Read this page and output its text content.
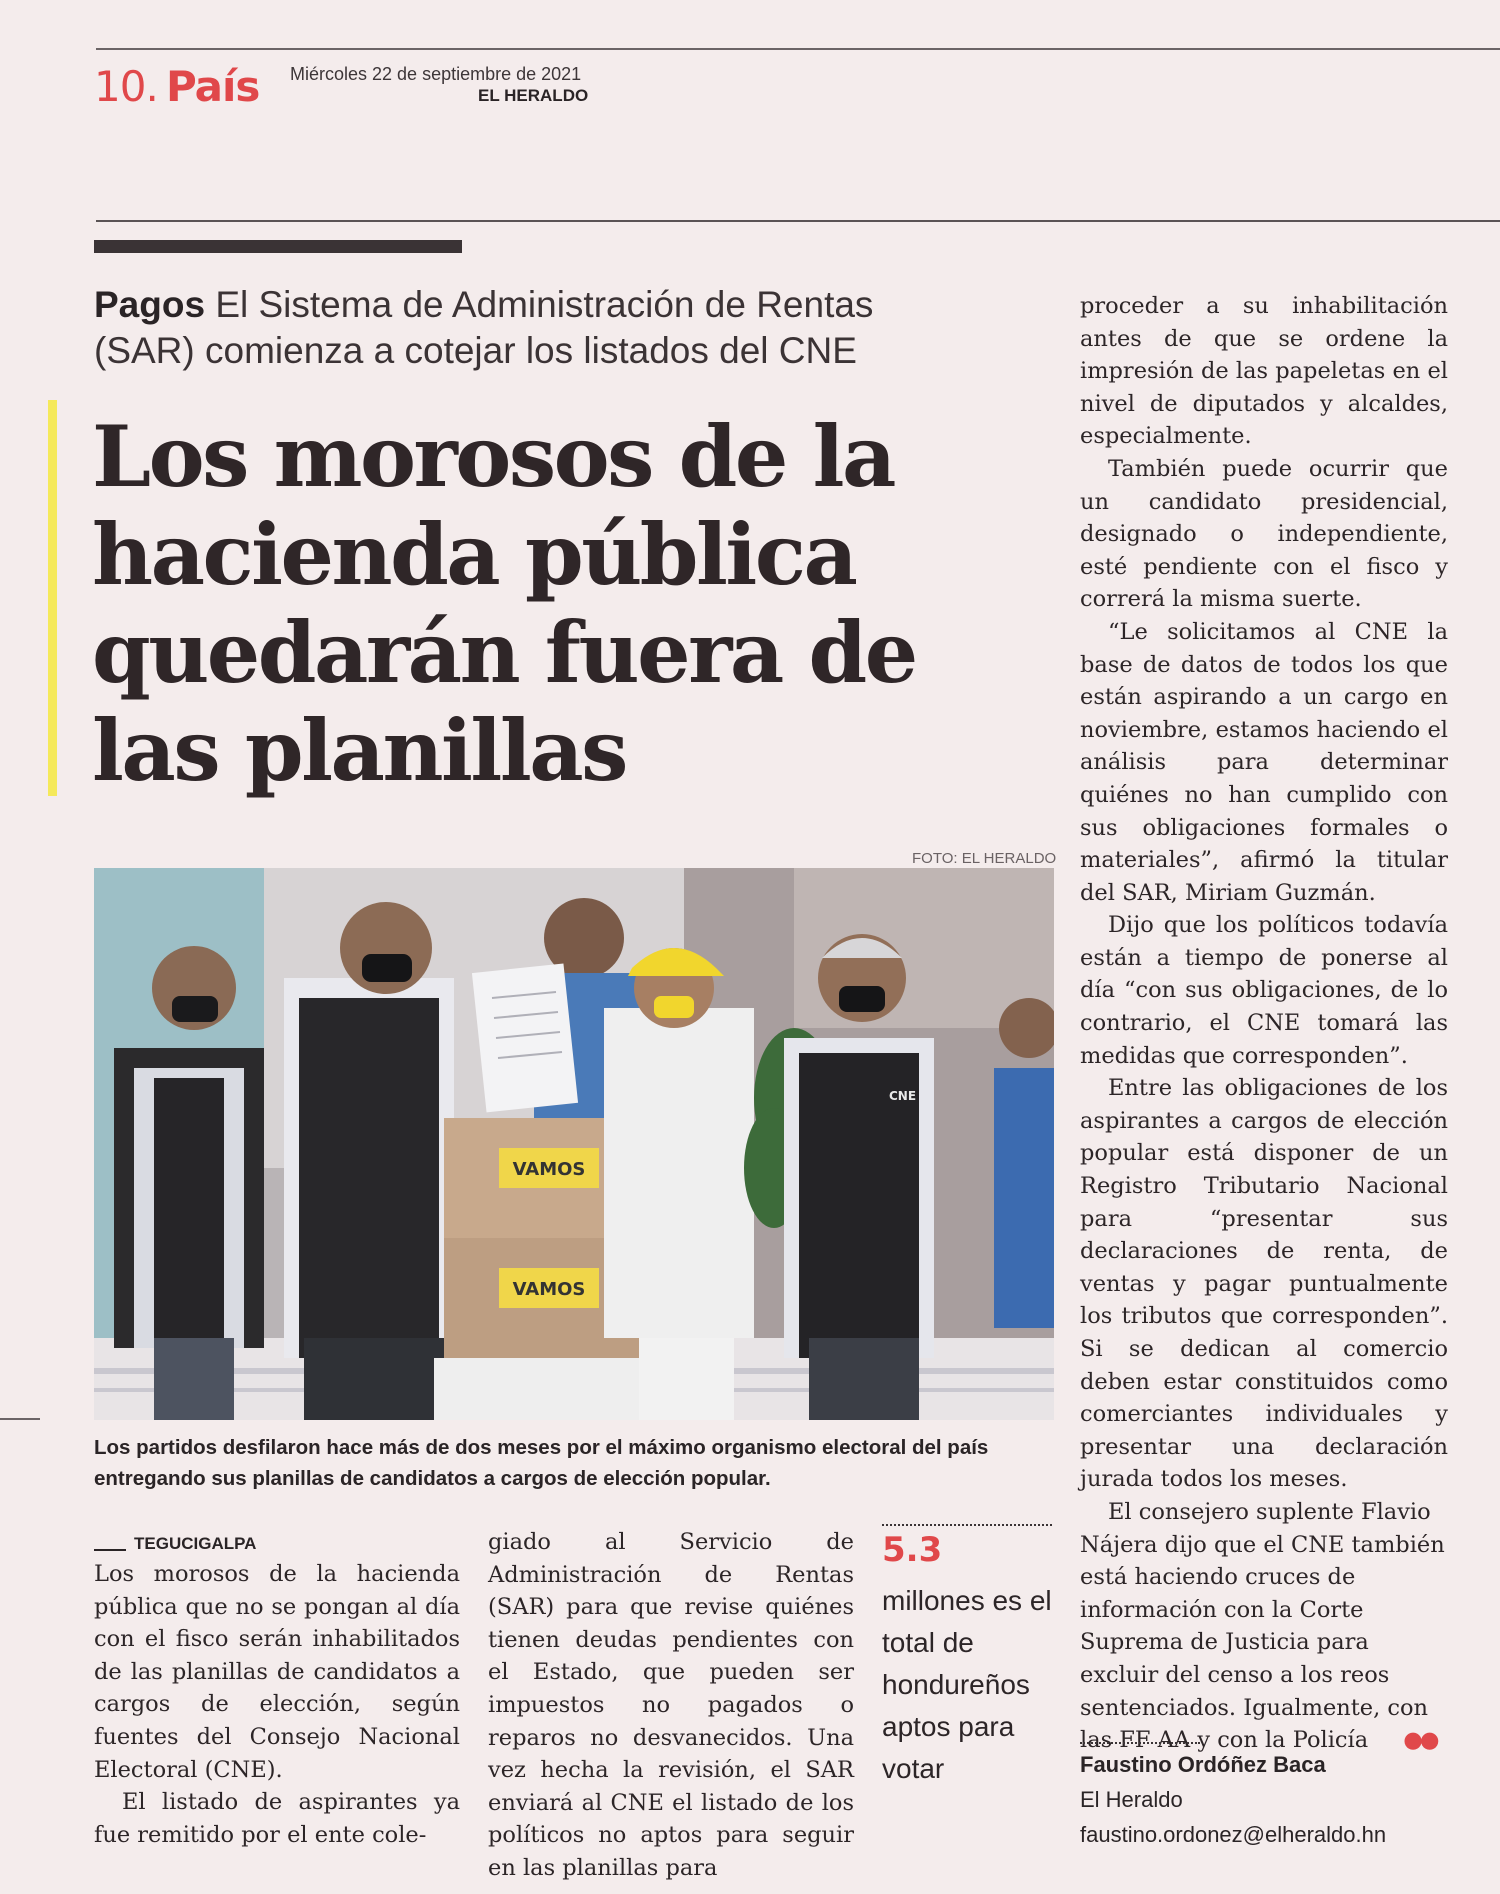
10. País Miércoles 22 de septiembre de 2021
EL HERALDO
Pagos El Sistema de Administración de Rentas (SAR) comienza a cotejar los listados del CNE
Los morosos de la hacienda pública quedarán fuera de las planillas
FOTO: EL HERALDO
VAMOS
VAMOS
CNE
Los partidos desfilaron hace más de dos meses por el máximo organismo electoral del país entregando sus planillas de candidatos a cargos de elección popular.
TEGUCIGALPA

Los morosos de la hacienda pública que no se pongan al día con el fisco serán inhabilitados de las planillas de candidatos a cargos de elección, según fuentes del Consejo Nacional Electoral (CNE).

El listado de aspirantes ya fue remitido por el ente cole-

giado al Servicio de Administración de Rentas (SAR) para que revise quiénes tienen deudas pendientes con el Estado, que pueden ser impuestos no pagados o reparos no desvanecidos. Una vez hecha la revisión, el SAR enviará al CNE el listado de los políticos no aptos para seguir en las planillas para

5.3
millones es el total de hondureños aptos para votar

proceder a su inhabilitación antes de que se ordene la impresión de las papeletas en el nivel de diputados y alcaldes, especialmente.

También puede ocurrir que un candidato presidencial, designado o independiente, esté pendiente con el fisco y correrá la misma suerte.

“Le solicitamos al CNE la base de datos de todos los que están aspirando a un cargo en noviembre, estamos haciendo el análisis para determinar quiénes no han cumplido con sus obligaciones formales o materiales”, afirmó la titular del SAR, Miriam Guzmán.

Dijo que los políticos todavía están a tiempo de ponerse al día “con sus obligaciones, de lo contrario, el CNE tomará las medidas que corresponden”.

Entre las obligaciones de los aspirantes a cargos de elección popular está disponer de un Registro Tributario Nacional para “presentar sus declaraciones de renta, de ventas y pagar puntualmente los tributos que corresponden”. Si se dedican al comercio deben estar constituidos como comerciantes individuales y presentar una declaración jurada todos los meses.

El consejero suplente Flavio Nájera dijo que el CNE también está haciendo cruces de información con la Corte Suprema de Justicia para excluir del censo a los reos sentenciados. Igualmente, con las FF AA y con la Policía ●●

Faustino Ordóñez Baca
El Heraldo
faustino.ordonez@elheraldo.hn
